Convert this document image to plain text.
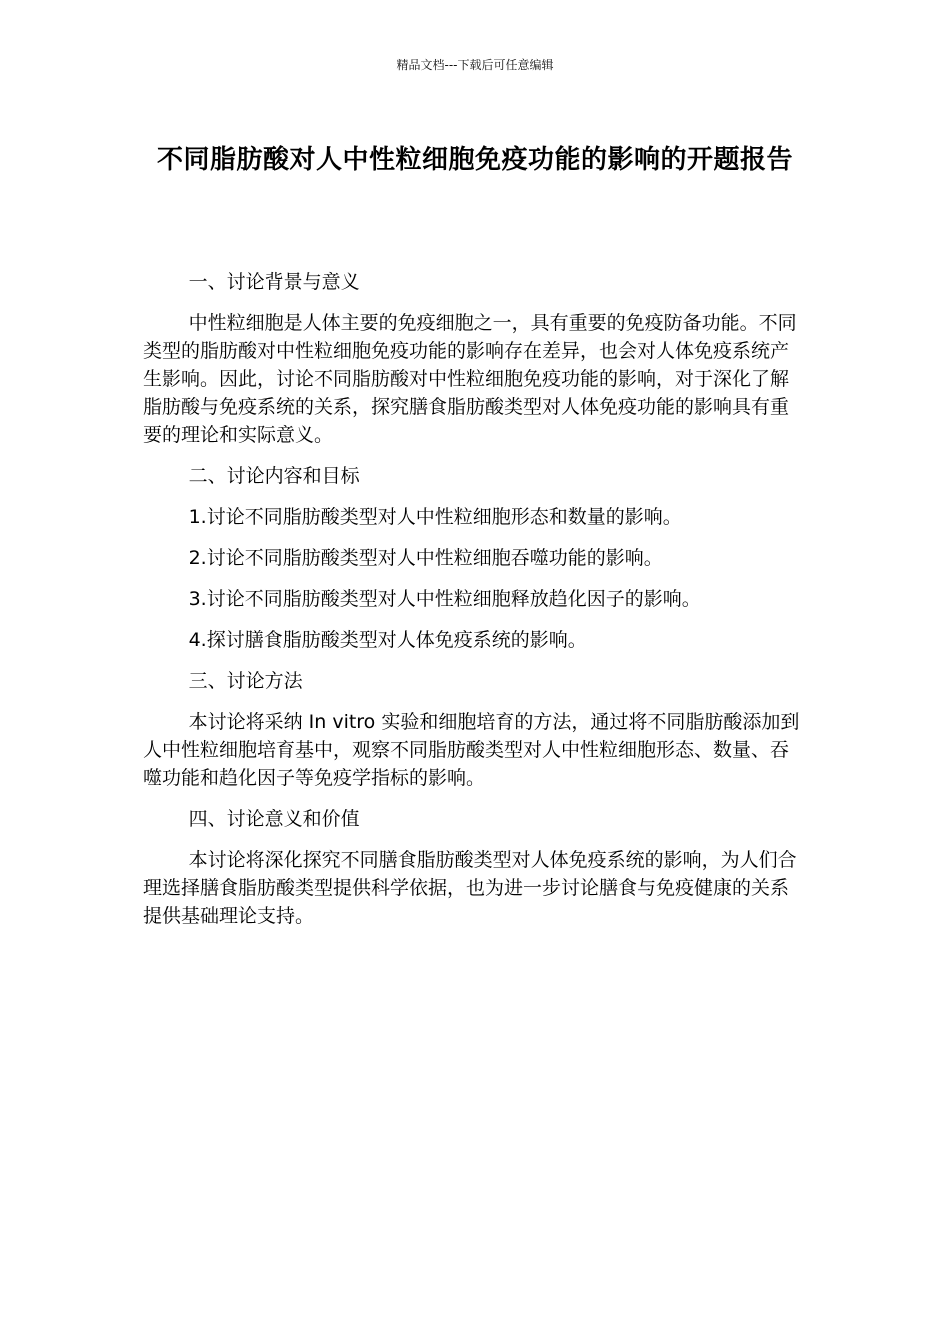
精品文档---下载后可任意编辑
不同脂肪酸对人中性粒细胞免疫功能的影响的开题报告

一、讨论背景与意义

中性粒细胞是人体主要的免疫细胞之一，具有重要的免疫防备功能。不同类型的脂肪酸对中性粒细胞免疫功能的影响存在差异，也会对人体免疫系统产生影响。因此，讨论不同脂肪酸对中性粒细胞免疫功能的影响，对于深化了解脂肪酸与免疫系统的关系，探究膳食脂肪酸类型对人体免疫功能的影响具有重要的理论和实际意义。

二、讨论内容和目标

1.讨论不同脂肪酸类型对人中性粒细胞形态和数量的影响。

2.讨论不同脂肪酸类型对人中性粒细胞吞噬功能的影响。

3.讨论不同脂肪酸类型对人中性粒细胞释放趋化因子的影响。

4.探讨膳食脂肪酸类型对人体免疫系统的影响。

三、讨论方法

本讨论将采纳 In vitro 实验和细胞培育的方法，通过将不同脂肪酸添加到人中性粒细胞培育基中，观察不同脂肪酸类型对人中性粒细胞形态、数量、吞噬功能和趋化因子等免疫学指标的影响。

四、讨论意义和价值

本讨论将深化探究不同膳食脂肪酸类型对人体免疫系统的影响，为人们合理选择膳食脂肪酸类型提供科学依据，也为进一步讨论膳食与免疫健康的关系提供基础理论支持。
